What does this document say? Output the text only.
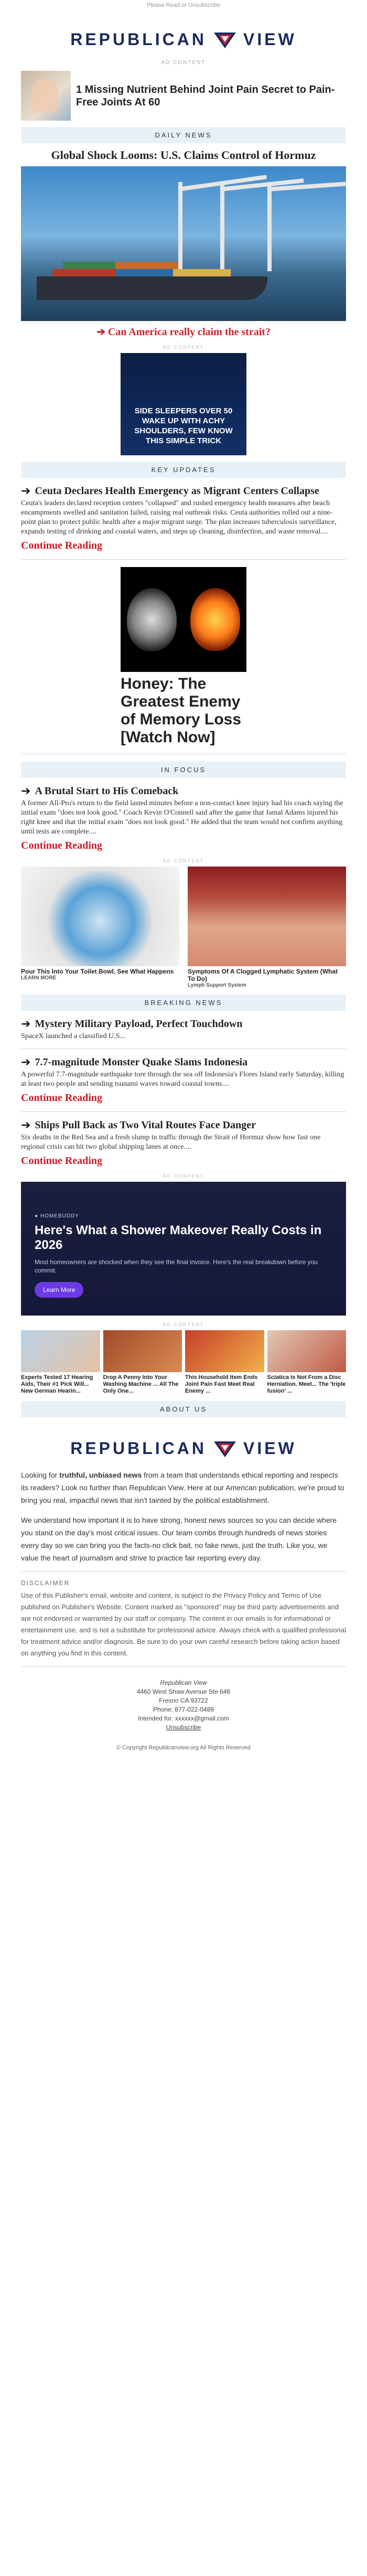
Please Read or Unsubscribe
REPUBLICAN VIEW
AD CONTENT
1 Missing Nutrient Behind Joint Pain Secret to Pain-Free Joints At 60
DAILY NEWS
Global Shock Looms: U.S. Claims Control of Hormuz
➔ Can America really claim the strait?
AD CONTENT
SIDE SLEEPERS OVER 50 WAKE UP WITH ACHY SHOULDERS, FEW KNOW THIS SIMPLE TRICK
KEY UPDATES
➔ Ceuta Declares Health Emergency as Migrant Centers Collapse
Ceuta's leaders declared reception centers "collapsed" and rushed emergency health measures after beach encampments swelled and sanitation failed, raising real outbreak risks. Ceuta authorities rolled out a nine-point plan to protect public health after a major migrant surge. The plan increases tuberculosis surveillance, expands testing of drinking and coastal waters, and steps up cleaning, disinfection, and waste removal....
Continue Reading
Honey: The Greatest Enemy of Memory Loss [Watch Now]
IN FOCUS
➔ A Brutal Start to His Comeback
A former All-Pro's return to the field lasted minutes before a non-contact knee injury had his coach saying the initial exam "does not look good." Coach Kevin O'Connell said after the game that Jamal Adams injured his right knee and that the initial exam "does not look good." He added that the team would not confirm anything until tests are complete....
Continue Reading
AD CONTENT
Pour This Into Your Toilet Bowl, See What Happens
LEARN MORE
Symptoms Of A Clogged Lymphatic System (What To Do)
Lymph Support System
BREAKING NEWS
➔ Mystery Military Payload, Perfect Touchdown
SpaceX launched a classified U.S...
➔ 7.7-magnitude Monster Quake Slams Indonesia
A powerful 7.7-magnitude earthquake tore through the sea off Indonesia's Flores Island early Saturday, killing at least two people and sending tsunami waves toward coastal towns....
Continue Reading
➔ Ships Pull Back as Two Vital Routes Face Danger
Six deaths in the Red Sea and a fresh slump in traffic through the Strait of Hormuz show how fast one regional crisis can hit two global shipping lanes at once....
Continue Reading
AD CONTENT
● HOMEBUDDY
Here's What a Shower Makeover Really Costs in 2026
Most homeowners are shocked when they see the final invoice. Here's the real breakdown before you commit.
Learn More
AD CONTENT
Experts Tested 17 Hearing Aids, Their #1 Pick Will... New German Hearin...
Drop A Penny Into Your Washing Machine ... All The Only One...
This Household Item Ends Joint Pain Fast Meet Real Enemy ...
Sciatica Is Not From a Disc Herniation. Meet... The 'triple fusion' ...
ABOUT US
REPUBLICAN VIEW

Looking for truthful, unbiased news from a team that understands ethical reporting and respects its readers? Look no further than Republican View. Here at our American publication, we're proud to bring you real, impactful news that isn't tainted by the political establishment.

We understand how important it is to have strong, honest news sources so you can decide where you stand on the day's most critical issues. Our team combs through hundreds of news stories every day so we can bring you the facts-no click bait, no fake news, just the truth. Like you, we value the heart of journalism and strive to practice fair reporting every day.

DISCLAIMER

Use of this Publisher's email, website and content, is subject to the Privacy Policy and Terms of Use published on Publisher's Website. Content marked as "sponsored" may be third party advertisements and are not endorsed or warranted by our staff or company. The content in our emails is for informational or entertainment use, and is not a substitute for professional advice. Always check with a qualified professional for treatment advice and/or diagnosis. Be sure to do your own careful research before taking action based on anything you find in this content.

Republican View
4460 West Shaw Avenue Ste 646
Fresno CA 93722
Phone: 877-022-0489
Intended for: xxxxxx@gmail.com
Unsubscribe
© Copyright Republicanview.org All Rights Reserved
